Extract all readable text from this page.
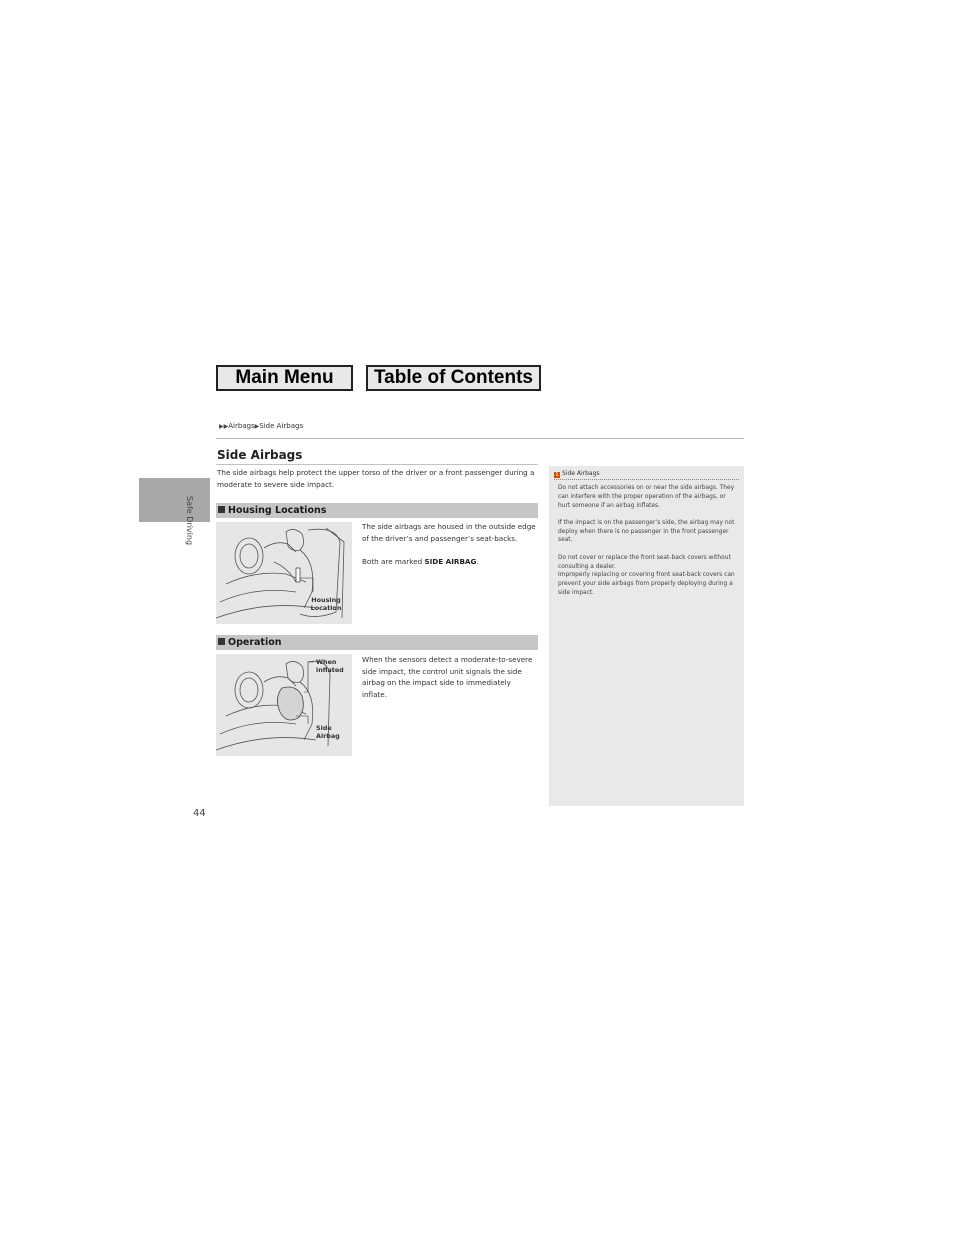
Main Menu	Table of Contents
Safe Driving
44
▶▶Airbags▶Side Airbags
Side Airbags
The side airbags help protect the upper torso of the driver or a front passenger during a moderate to severe side impact.
Housing Locations
Housing Location

The side airbags are housed in the outside edge of the driver’s and passenger’s seat-backs.

Both are marked SIDE AIRBAG.

Operation
When inflated
Side Airbag

When the sensors detect a moderate-to-severe side impact, the control unit signals the side airbag on the impact side to immediately inflate.

1 Side Airbags

Do not attach accessories on or near the side airbags. They can interfere with the proper operation of the airbags, or hurt someone if an airbag inflates.

If the impact is on the passenger’s side, the airbag may not deploy when there is no passenger in the front passenger seat.

Do not cover or replace the front seat-back covers without consulting a dealer.
Improperly replacing or covering front seat-back covers can prevent your side airbags from properly deploying during a side impact.
